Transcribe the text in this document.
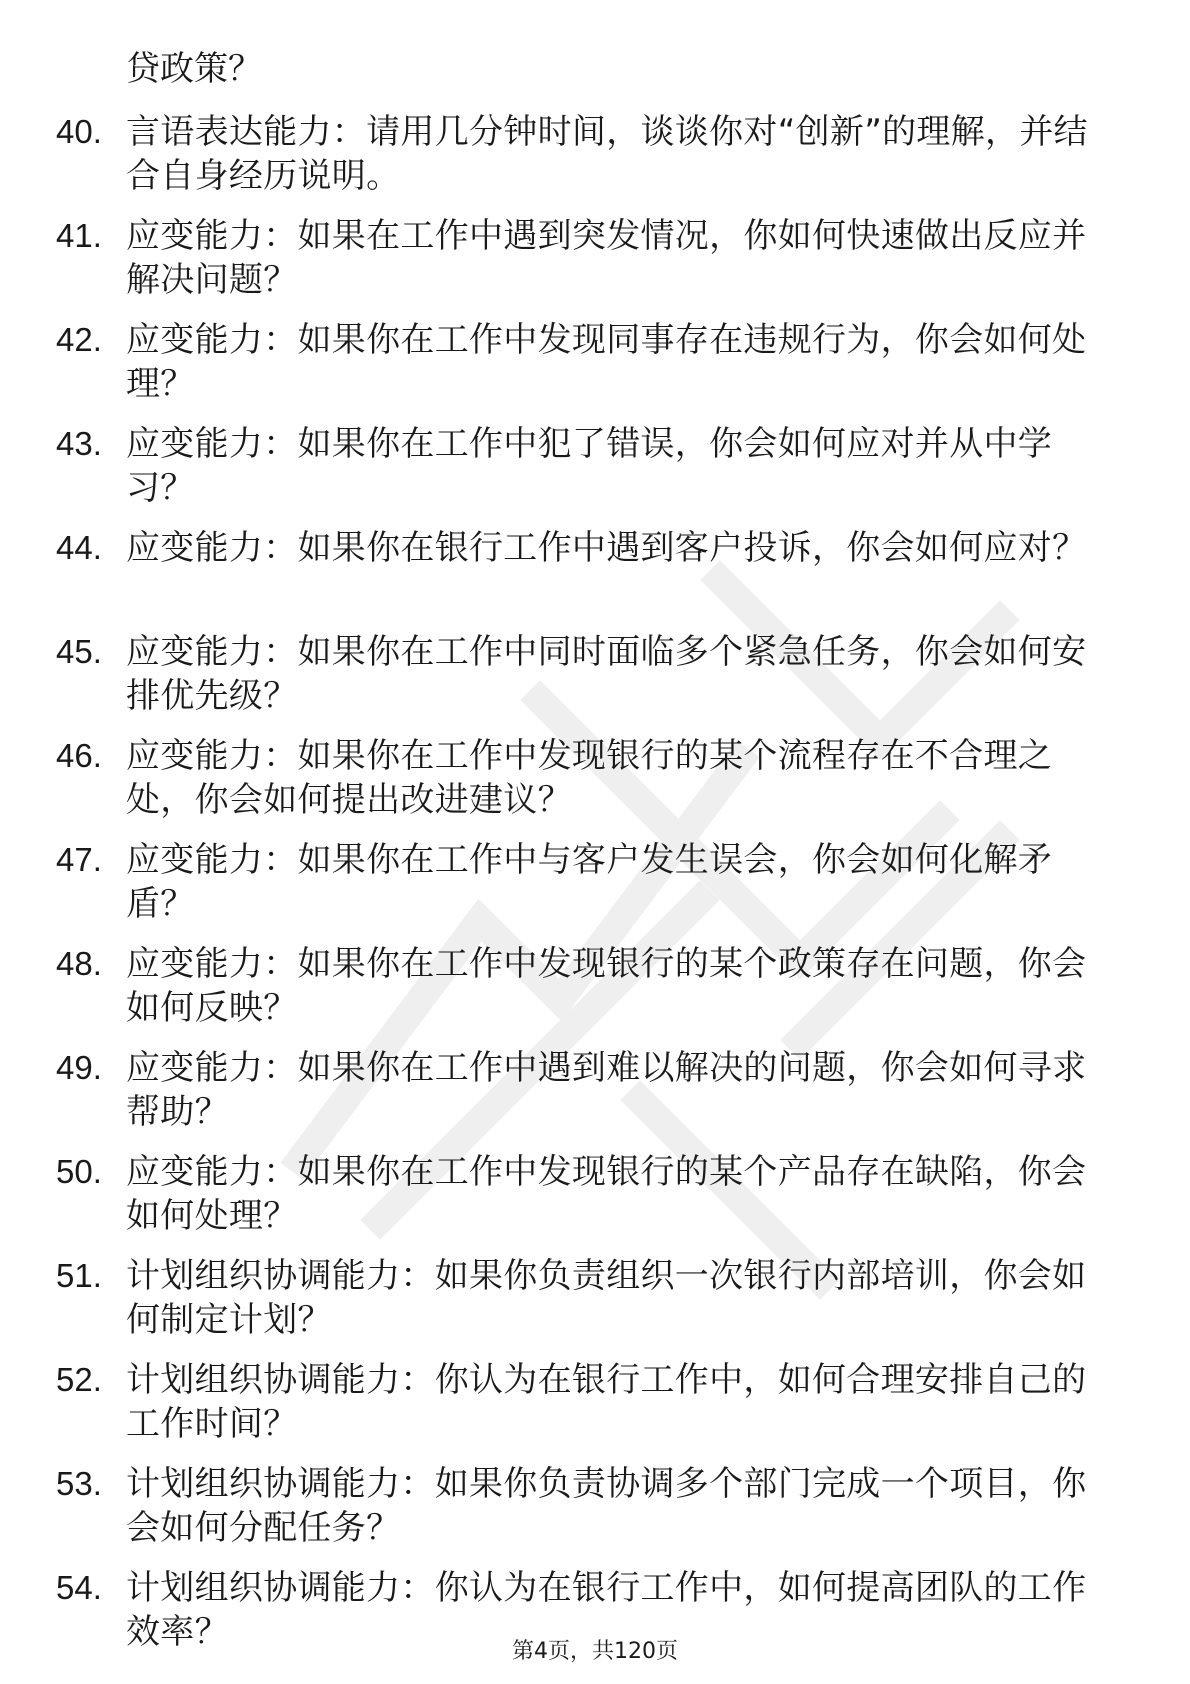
贷政策？
40. 言语表达能力：请用几分钟时间，谈谈你对“创新”的理解，并结合自身经历说明。
41. 应变能力：如果在工作中遇到突发情况，你如何快速做出反应并解决问题？
42. 应变能力：如果你在工作中发现同事存在违规行为，你会如何处理？
43. 应变能力：如果你在工作中犯了错误，你会如何应对并从中学习？
44. 应变能力：如果你在银行工作中遇到客户投诉，你会如何应对？
45. 应变能力：如果你在工作中同时面临多个紧急任务，你会如何安排优先级？
46. 应变能力：如果你在工作中发现银行的某个流程存在不合理之处，你会如何提出改进建议？
47. 应变能力：如果你在工作中与客户发生误会，你会如何化解矛盾？
48. 应变能力：如果你在工作中发现银行的某个政策存在问题，你会如何反映？
49. 应变能力：如果你在工作中遇到难以解决的问题，你会如何寻求帮助？
50. 应变能力：如果你在工作中发现银行的某个产品存在缺陷，你会如何处理？
51. 计划组织协调能力：如果你负责组织一次银行内部培训，你会如何制定计划？
52. 计划组织协调能力：你认为在银行工作中，如何合理安排自己的工作时间？
53. 计划组织协调能力：如果你负责协调多个部门完成一个项目，你会如何分配任务？
54. 计划组织协调能力：你认为在银行工作中，如何提高团队的工作效率？	第4页，共120页
